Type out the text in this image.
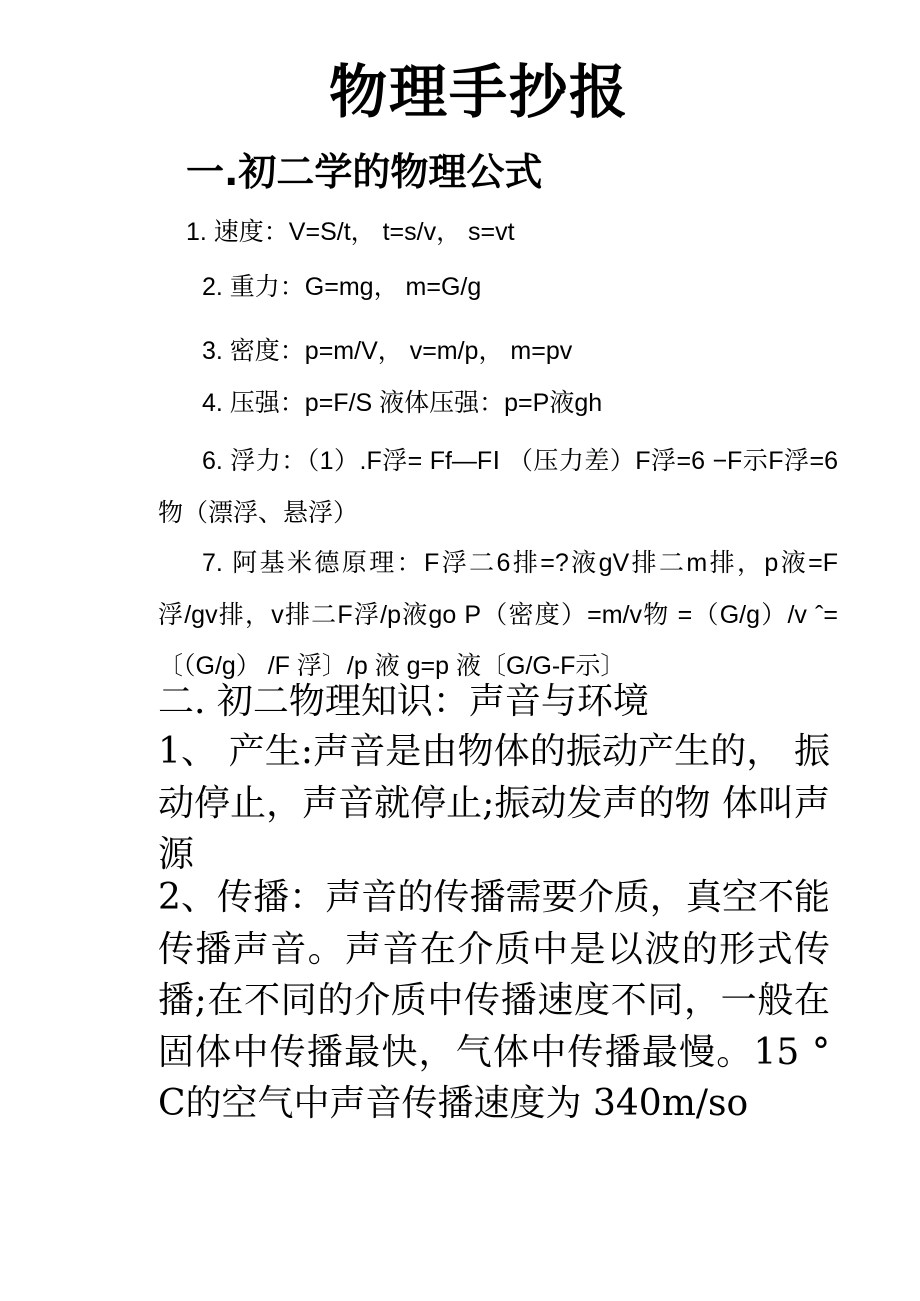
物理手抄报
一.初二学的物理公式

1. 速度：V=S/t， t=s/v， s=vt

2. 重力：G=mg， m=G/g

3. 密度：p=m/V， v=m/p， m=pv

4. 压强：p=F/S 液体压强：p=P液gh

6. 浮力：（1）.F浮= Ff—FⅠ （压力差）F浮=6 −F示F浮=6物（漂浮、悬浮）

7. 阿基米德原理：F浮二6排=?液gV排二m排，p液=F浮/gv排，v排二F浮/p液go P（密度）=m/v物 =（G/g）/v ˆ=〔（G/g） /F 浮〕/p 液 g=p 液〔G/G-F示〕

二. 初二物理知识：声音与环境

1、 产生:声音是由物体的振动产生的， 振动停止，声音就停止;振动发声的物 体叫声源

2、传播：声音的传播需要介质，真空不能传播声音。声音在介质中是以波的形式传播;在不同的介质中传播速度不同，一般在固体中传播最快，气体中传播最慢。15 ° C的空气中声音传播速度为 340m/so
